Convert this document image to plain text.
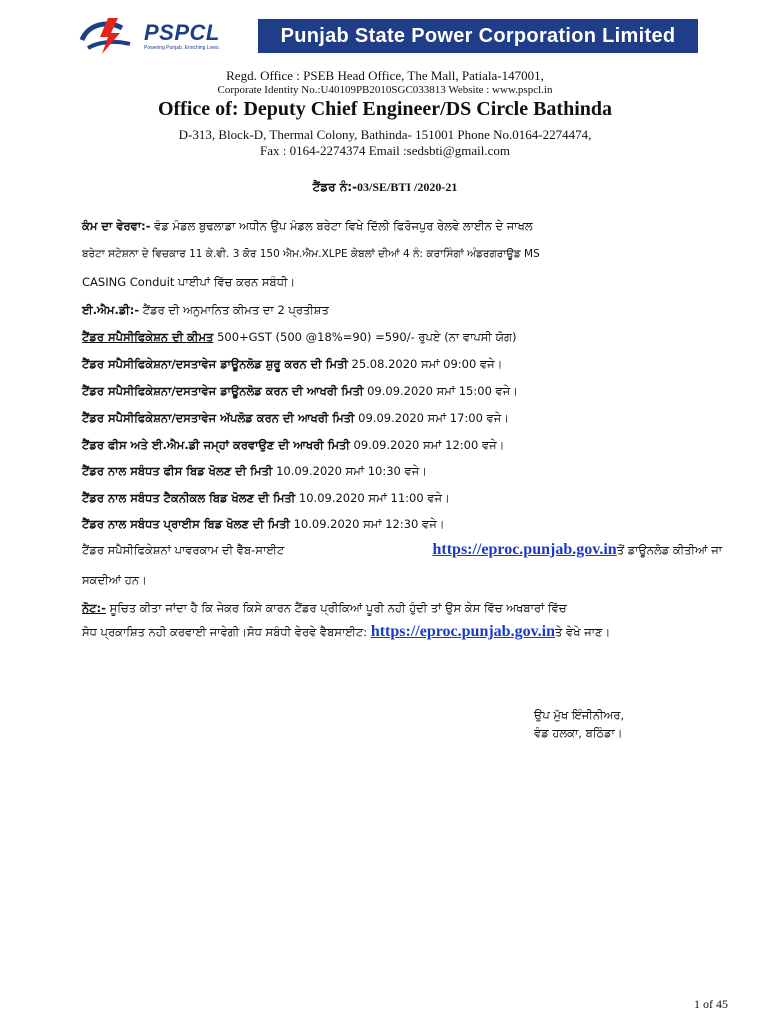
PSPCL
Powering Punjab. Enriching Lives.
Punjab State Power Corporation Limited
Regd. Office : PSEB Head Office, The Mall, Patiala-147001,
Corporate Identity No.:U40109PB2010SGC033813 Website : www.pspcl.in
Office of: Deputy Chief Engineer/DS Circle Bathinda
D-313, Block-D, Thermal Colony, Bathinda- 151001 Phone No.0164-2274474,
Fax : 0164-2274374 Email :sedsbti@gmail.com
ਟੈਂਡਰ ਨੰ:-03/SE/BTI /2020-21
ਕੰਮ ਦਾ ਵੇਰਵਾ:- ਵੰਡ ਮੰਡਲ ਬੁਢਲਾਡਾ ਅਧੀਨ ਉਪ ਮੰਡਲ ਬਰੇਟਾ ਵਿਖੇ ਦਿੱਲੀ ਫਿਰੋਜਪੁਰ ਰੇਲਵੇ ਲਾਈਨ ਦੇ ਜਾਖਲ
ਬਰੇਟਾ ਸਟੇਸ਼ਨਾ ਦੇ ਵਿਚਕਾਰ 11 ਕੇ.ਵੀ. 3 ਕੋਰ 150 ਐਮ.ਐਮ.XLPE ਕੇਬਲਾਂ ਦੀਆਂ 4 ਨੰ: ਕਰਾਸਿੰਗਾਂ ਅੰਡਰਗਰਾਊਡ MS
CASING Conduit ਪਾਈਪਾਂ ਵਿੱਚ ਕਰਨ ਸਬੰਧੀ।
ਈ.ਐਮ.ਡੀ:- ਟੈਂਡਰ ਦੀ ਅਨੁਮਾਨਿਤ ਕੀਮਤ ਦਾ 2 ਪ੍ਰਤੀਸ਼ਤ
ਟੈਂਡਰ ਸਪੈਸੀਫਿਕੇਸ਼ਨ ਦੀ ਕੀਮਤ 500+GST (500 @18%=90) =590/- ਰੁਪਏ (ਨਾ ਵਾਪਸੀ ਯੋਗ)
ਟੈਂਡਰ ਸਪੈਸੀਫਿਕੇਸ਼ਨਾ/ਦਸਤਾਵੇਜ ਡਾਊਨਲੋਡ ਸ਼ੁਰੂ ਕਰਨ ਦੀ ਮਿਤੀ 25.08.2020 ਸਮਾਂ 09:00 ਵਜੇ।
ਟੈਂਡਰ ਸਪੈਸੀਫਿਕੇਸ਼ਨਾ/ਦਸਤਾਵੇਜ ਡਾਊਨਲੋਡ ਕਰਨ ਦੀ ਆਖਰੀ ਮਿਤੀ 09.09.2020 ਸਮਾਂ 15:00 ਵਜੇ।
ਟੈਂਡਰ ਸਪੈਸੀਫਿਕੇਸ਼ਨਾ/ਦਸਤਾਵੇਜ ਅੱਪਲੋਡ ਕਰਨ ਦੀ ਆਖਰੀ ਮਿਤੀ 09.09.2020 ਸਮਾਂ 17:00 ਵਜੇ।
ਟੈਂਡਰ ਫੀਸ ਅਤੇ ਈ.ਐਮ.ਡੀ ਜਮ੍ਹਾਂ ਕਰਵਾਉਣ ਦੀ ਆਖਰੀ ਮਿਤੀ 09.09.2020 ਸਮਾਂ 12:00 ਵਜੇ।
ਟੈਂਡਰ ਨਾਲ ਸਬੰਧਤ ਫੀਸ ਬਿਡ ਖੋਲਣ ਦੀ ਮਿਤੀ 10.09.2020 ਸਮਾਂ 10:30 ਵਜੇ।
ਟੈਂਡਰ ਨਾਲ ਸਬੰਧਤ ਟੈਕਨੀਕਲ ਬਿਡ ਖੋਲਣ ਦੀ ਮਿਤੀ 10.09.2020 ਸਮਾਂ 11:00 ਵਜੇ।
ਟੈਂਡਰ ਨਾਲ ਸਬੰਧਤ ਪ੍ਰਾਈਸ ਬਿਡ ਖੋਲਣ ਦੀ ਮਿਤੀ 10.09.2020 ਸਮਾਂ 12:30 ਵਜੇ।
ਟੈਂਡਰ ਸਪੈਸੀਫਿਕੇਸ਼ਨਾਂ ਪਾਵਰਕਾਮ ਦੀ ਵੈੱਬ-ਸਾਈਟ	https://eproc.punjab.gov.inਤੋਂ ਡਾਊਨਲੋਡ ਕੀਤੀਆਂ ਜਾ
ਸਕਦੀਆਂ ਹਨ।
ਨੋਟ:- ਸੂਚਿਤ ਕੀਤਾ ਜਾਂਦਾ ਹੈ ਕਿ ਜੇਕਰ ਕਿਸੇ ਕਾਰਨ ਟੈਂਡਰ ਪ੍ਰੀਕਿਆਂ ਪੂਰੀ ਨਹੀ ਹੁੰਦੀ ਤਾਂ ਉਸ ਕੇਸ ਵਿੱਚ ਅਖਬਾਰਾਂ ਵਿੱਚ
ਸੋਧ ਪ੍ਰਕਾਸ਼ਿਤ ਨਹੀ ਕਰਵਾਈ ਜਾਵੇਗੀ।ਸੋਧ ਸਬੰਧੀ ਵੇਰਵੇ ਵੈਬਸਾਈਟ: https://eproc.punjab.gov.inਤੇ ਵੇਖੇ ਜਾਣ।
ਉਪ ਮੁੱਖ ਇੰਜੀਨੀਅਰ,
ਵੰਡ ਹਲਕਾ, ਬਠਿੰਡਾ।
1 of 45
